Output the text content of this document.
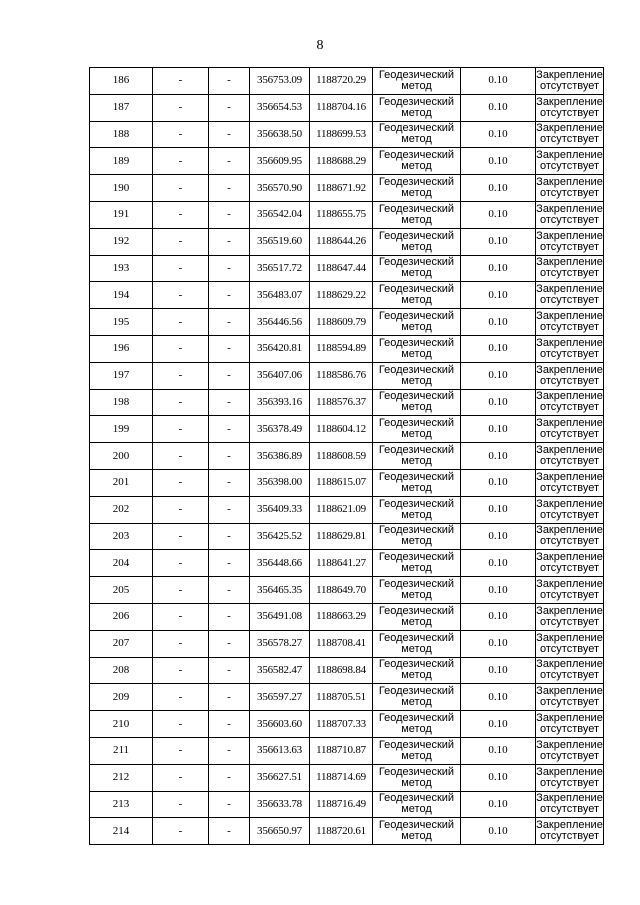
8
186	-	-	356753.09	1188720.29	Геодезический метод	0.10	Закрепление отсутствует
187	-	-	356654.53	1188704.16	Геодезический метод	0.10	Закрепление отсутствует
188	-	-	356638.50	1188699.53	Геодезический метод	0.10	Закрепление отсутствует
189	-	-	356609.95	1188688.29	Геодезический метод	0.10	Закрепление отсутствует
190	-	-	356570.90	1188671.92	Геодезический метод	0.10	Закрепление отсутствует
191	-	-	356542.04	1188655.75	Геодезический метод	0.10	Закрепление отсутствует
192	-	-	356519.60	1188644.26	Геодезический метод	0.10	Закрепление отсутствует
193	-	-	356517.72	1188647.44	Геодезический метод	0.10	Закрепление отсутствует
194	-	-	356483.07	1188629.22	Геодезический метод	0.10	Закрепление отсутствует
195	-	-	356446.56	1188609.79	Геодезический метод	0.10	Закрепление отсутствует
196	-	-	356420.81	1188594.89	Геодезический метод	0.10	Закрепление отсутствует
197	-	-	356407.06	1188586.76	Геодезический метод	0.10	Закрепление отсутствует
198	-	-	356393.16	1188576.37	Геодезический метод	0.10	Закрепление отсутствует
199	-	-	356378.49	1188604.12	Геодезический метод	0.10	Закрепление отсутствует
200	-	-	356386.89	1188608.59	Геодезический метод	0.10	Закрепление отсутствует
201	-	-	356398.00	1188615.07	Геодезический метод	0.10	Закрепление отсутствует
202	-	-	356409.33	1188621.09	Геодезический метод	0.10	Закрепление отсутствует
203	-	-	356425.52	1188629.81	Геодезический метод	0.10	Закрепление отсутствует
204	-	-	356448.66	1188641.27	Геодезический метод	0.10	Закрепление отсутствует
205	-	-	356465.35	1188649.70	Геодезический метод	0.10	Закрепление отсутствует
206	-	-	356491.08	1188663.29	Геодезический метод	0.10	Закрепление отсутствует
207	-	-	356578.27	1188708.41	Геодезический метод	0.10	Закрепление отсутствует
208	-	-	356582.47	1188698.84	Геодезический метод	0.10	Закрепление отсутствует
209	-	-	356597.27	1188705.51	Геодезический метод	0.10	Закрепление отсутствует
210	-	-	356603.60	1188707.33	Геодезический метод	0.10	Закрепление отсутствует
211	-	-	356613.63	1188710.87	Геодезический метод	0.10	Закрепление отсутствует
212	-	-	356627.51	1188714.69	Геодезический метод	0.10	Закрепление отсутствует
213	-	-	356633.78	1188716.49	Геодезический метод	0.10	Закрепление отсутствует
214	-	-	356650.97	1188720.61	Геодезический метод	0.10	Закрепление отсутствует
